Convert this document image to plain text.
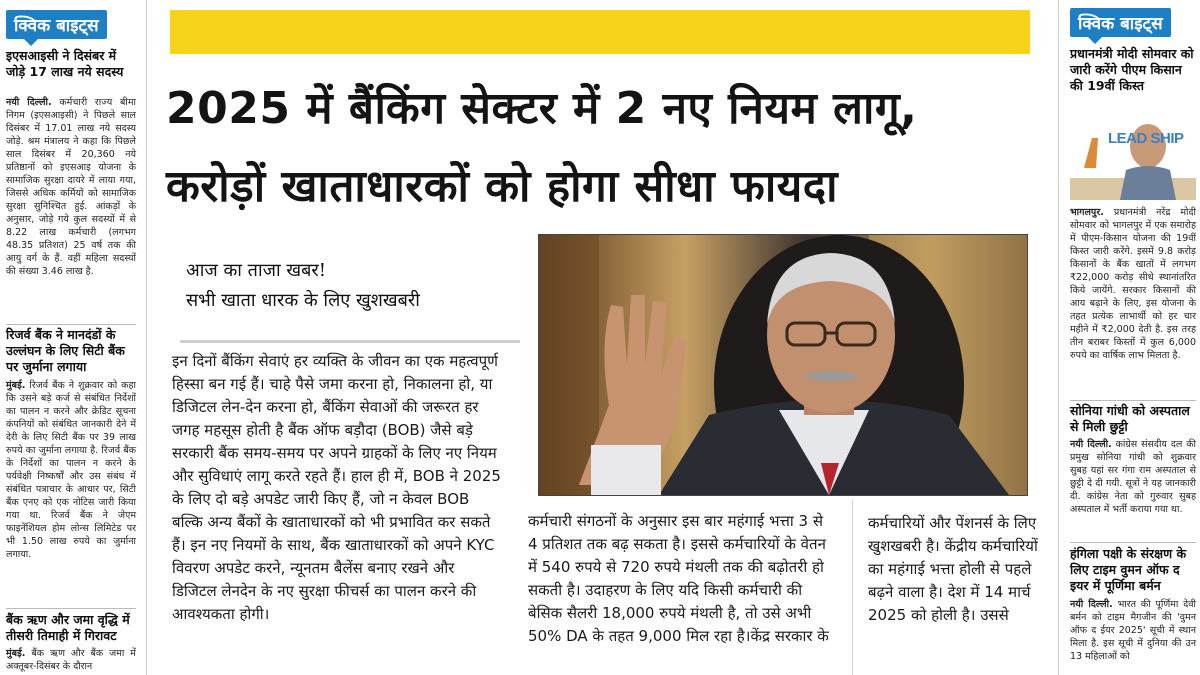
क्विक बाइट्स
इएसआइसी ने दिसंबर में जोड़े 17 लाख नये सदस्य
नयी दिल्ली. कर्मचारी राज्य बीमा निगम (इएसआइसी) ने पिछले साल दिसंबर में 17.01 लाख नये सदस्य जोड़े. श्रम मंत्रालय ने कहा कि पिछले साल दिसंबर में 20,360 नये प्रतिष्ठानों को इएसआइ योजना के सामाजिक सुरक्षा दायरे में लाया गया, जिससे अधिक कर्मियों को सामाजिक सुरक्षा सुनिश्चित हुई. आंकड़ों के अनुसार, जोड़े गये कुल सदस्यों में से 8.22 लाख कर्मचारी (लगभग 48.35 प्रतिशत) 25 वर्ष तक की आयु वर्ग के हैं. वहीं महिला सदस्यों की संख्या 3.46 लाख है.
रिजर्व बैंक ने मानदंडों के उल्लंघन के लिए सिटी बैंक पर जुर्माना लगाया
मुंबई. रिजर्व बैंक ने शुक्रवार को कहा कि उसने बड़े कर्ज से संबंधित निर्देशों का पालन न करने और क्रेडिट सूचना कंपनियों को संबंधित जानकारी देने में देरी के लिए सिटी बैंक पर 39 लाख रुपये का जुर्माना लगाया है. रिजर्व बैंक के निर्देशों का पालन न करने के पर्यवेक्षी निष्कर्षों और उस संबंध में संबंधित पत्राचार के आधार पर, सिटी बैंक एनए को एक नोटिस जारी किया गया था. रिजर्व बैंक ने जेएम फाइनेंशियल होम लोन्स लिमिटेड पर भी 1.50 लाख रुपये का जुर्माना लगाया.
बैंक ऋण और जमा वृद्धि में तीसरी तिमाही में गिरावट
मुंबई. बैंक ऋण और बैंक जमा में अक्तूबर-दिसंबर के दौरान
2025 में बैंकिंग सेक्टर में 2 नए नियम लागू,
करोड़ों खाताधारकों को होगा सीधा फायदा
आज का ताजा खबर!
सभी खाता धारक के लिए खुशखबरी
इन दिनों बैंकिंग सेवाएं हर व्यक्ति के जीवन का एक महत्वपूर्ण हिस्सा बन गई हैं। चाहे पैसे जमा करना हो, निकालना हो, या डिजिटल लेन-देन करना हो, बैंकिंग सेवाओं की जरूरत हर जगह महसूस होती है बैंक ऑफ बड़ौदा (BOB) जैसे बड़े सरकारी बैंक समय-समय पर अपने ग्राहकों के लिए नए नियम और सुविधाएं लागू करते रहते हैं। हाल ही में, BOB ने 2025 के लिए दो बड़े अपडेट जारी किए हैं, जो न केवल BOB बल्कि अन्य बैंकों के खाताधारकों को भी प्रभावित कर सकते हैं। इन नए नियमों के साथ, बैंक खाताधारकों को अपने KYC विवरण अपडेट करने, न्यूनतम बैलेंस बनाए रखने और डिजिटल लेनदेन के नए सुरक्षा फीचर्स का पालन करने की आवश्यकता होगी।
कर्मचारी संगठनों के अनुसार इस बार महंगाई भत्ता 3 से 4 प्रतिशत तक बढ़ सकता है। इससे कर्मचारियों के वेतन में 540 रुपये से 720 रुपये मंथली तक की बढ़ोतरी हो सकती है। उदाहरण के लिए यदि किसी कर्मचारी की बेसिक सैलरी 18,000 रुपये मंथली है, तो उसे अभी 50% DA के तहत 9,000 मिल रहा है।केंद्र सरकार के
कर्मचारियों और पेंशनर्स के लिए खुशखबरी है। केंद्रीय कर्मचारियों का महंगाई भत्ता होली से पहले बढ़ने वाला है। देश में 14 मार्च 2025 को होली है। उससे
क्विक बाइट्स
प्रधानमंत्री मोदी सोमवार को जारी करेंगे पीएम किसान की 19वीं किस्त
LEAD SHIP
भागलपुर. प्रधानमंत्री नरेंद्र मोदी सोमवार को भागलपुर में एक समारोह में पीएम-किसान योजना की 19वीं किस्त जारी करेंगे. इसमें 9.8 करोड़ किसानों के बैंक खातों में लगभग ₹22,000 करोड़ सीधे स्थानांतरित किये जायेंगे. सरकार किसानों की आय बढ़ाने के लिए, इस योजना के तहत प्रत्येक लाभार्थी को हर चार महीने में ₹2,000 देती है. इस तरह तीन बराबर किस्तों में कुल 6,000 रुपये का वार्षिक लाभ मिलता है.
सोनिया गांधी को अस्पताल से मिली छुट्टी
नयी दिल्ली. कांग्रेस संसदीय दल की प्रमुख सोनिया गांधी को शुक्रवार सुबह यहां सर गंगा राम अस्पताल से छुट्टी दे दी गयी. सूत्रों ने यह जानकारी दी. कांग्रेस नेता को गुरुवार सुबह अस्पताल में भर्ती कराया गया था.
हंगिला पक्षी के संरक्षण के लिए टाइम वुमन ऑफ द इयर में पूर्णिमा बर्मन
नयी दिल्ली. भारत की पूर्णिमा देवी बर्मन को टाइम मैगजीन की 'वुमन ऑफ द ईयर 2025' सूची में स्थान मिला है. इस सूची में दुनिया की उन 13 महिलाओं को
